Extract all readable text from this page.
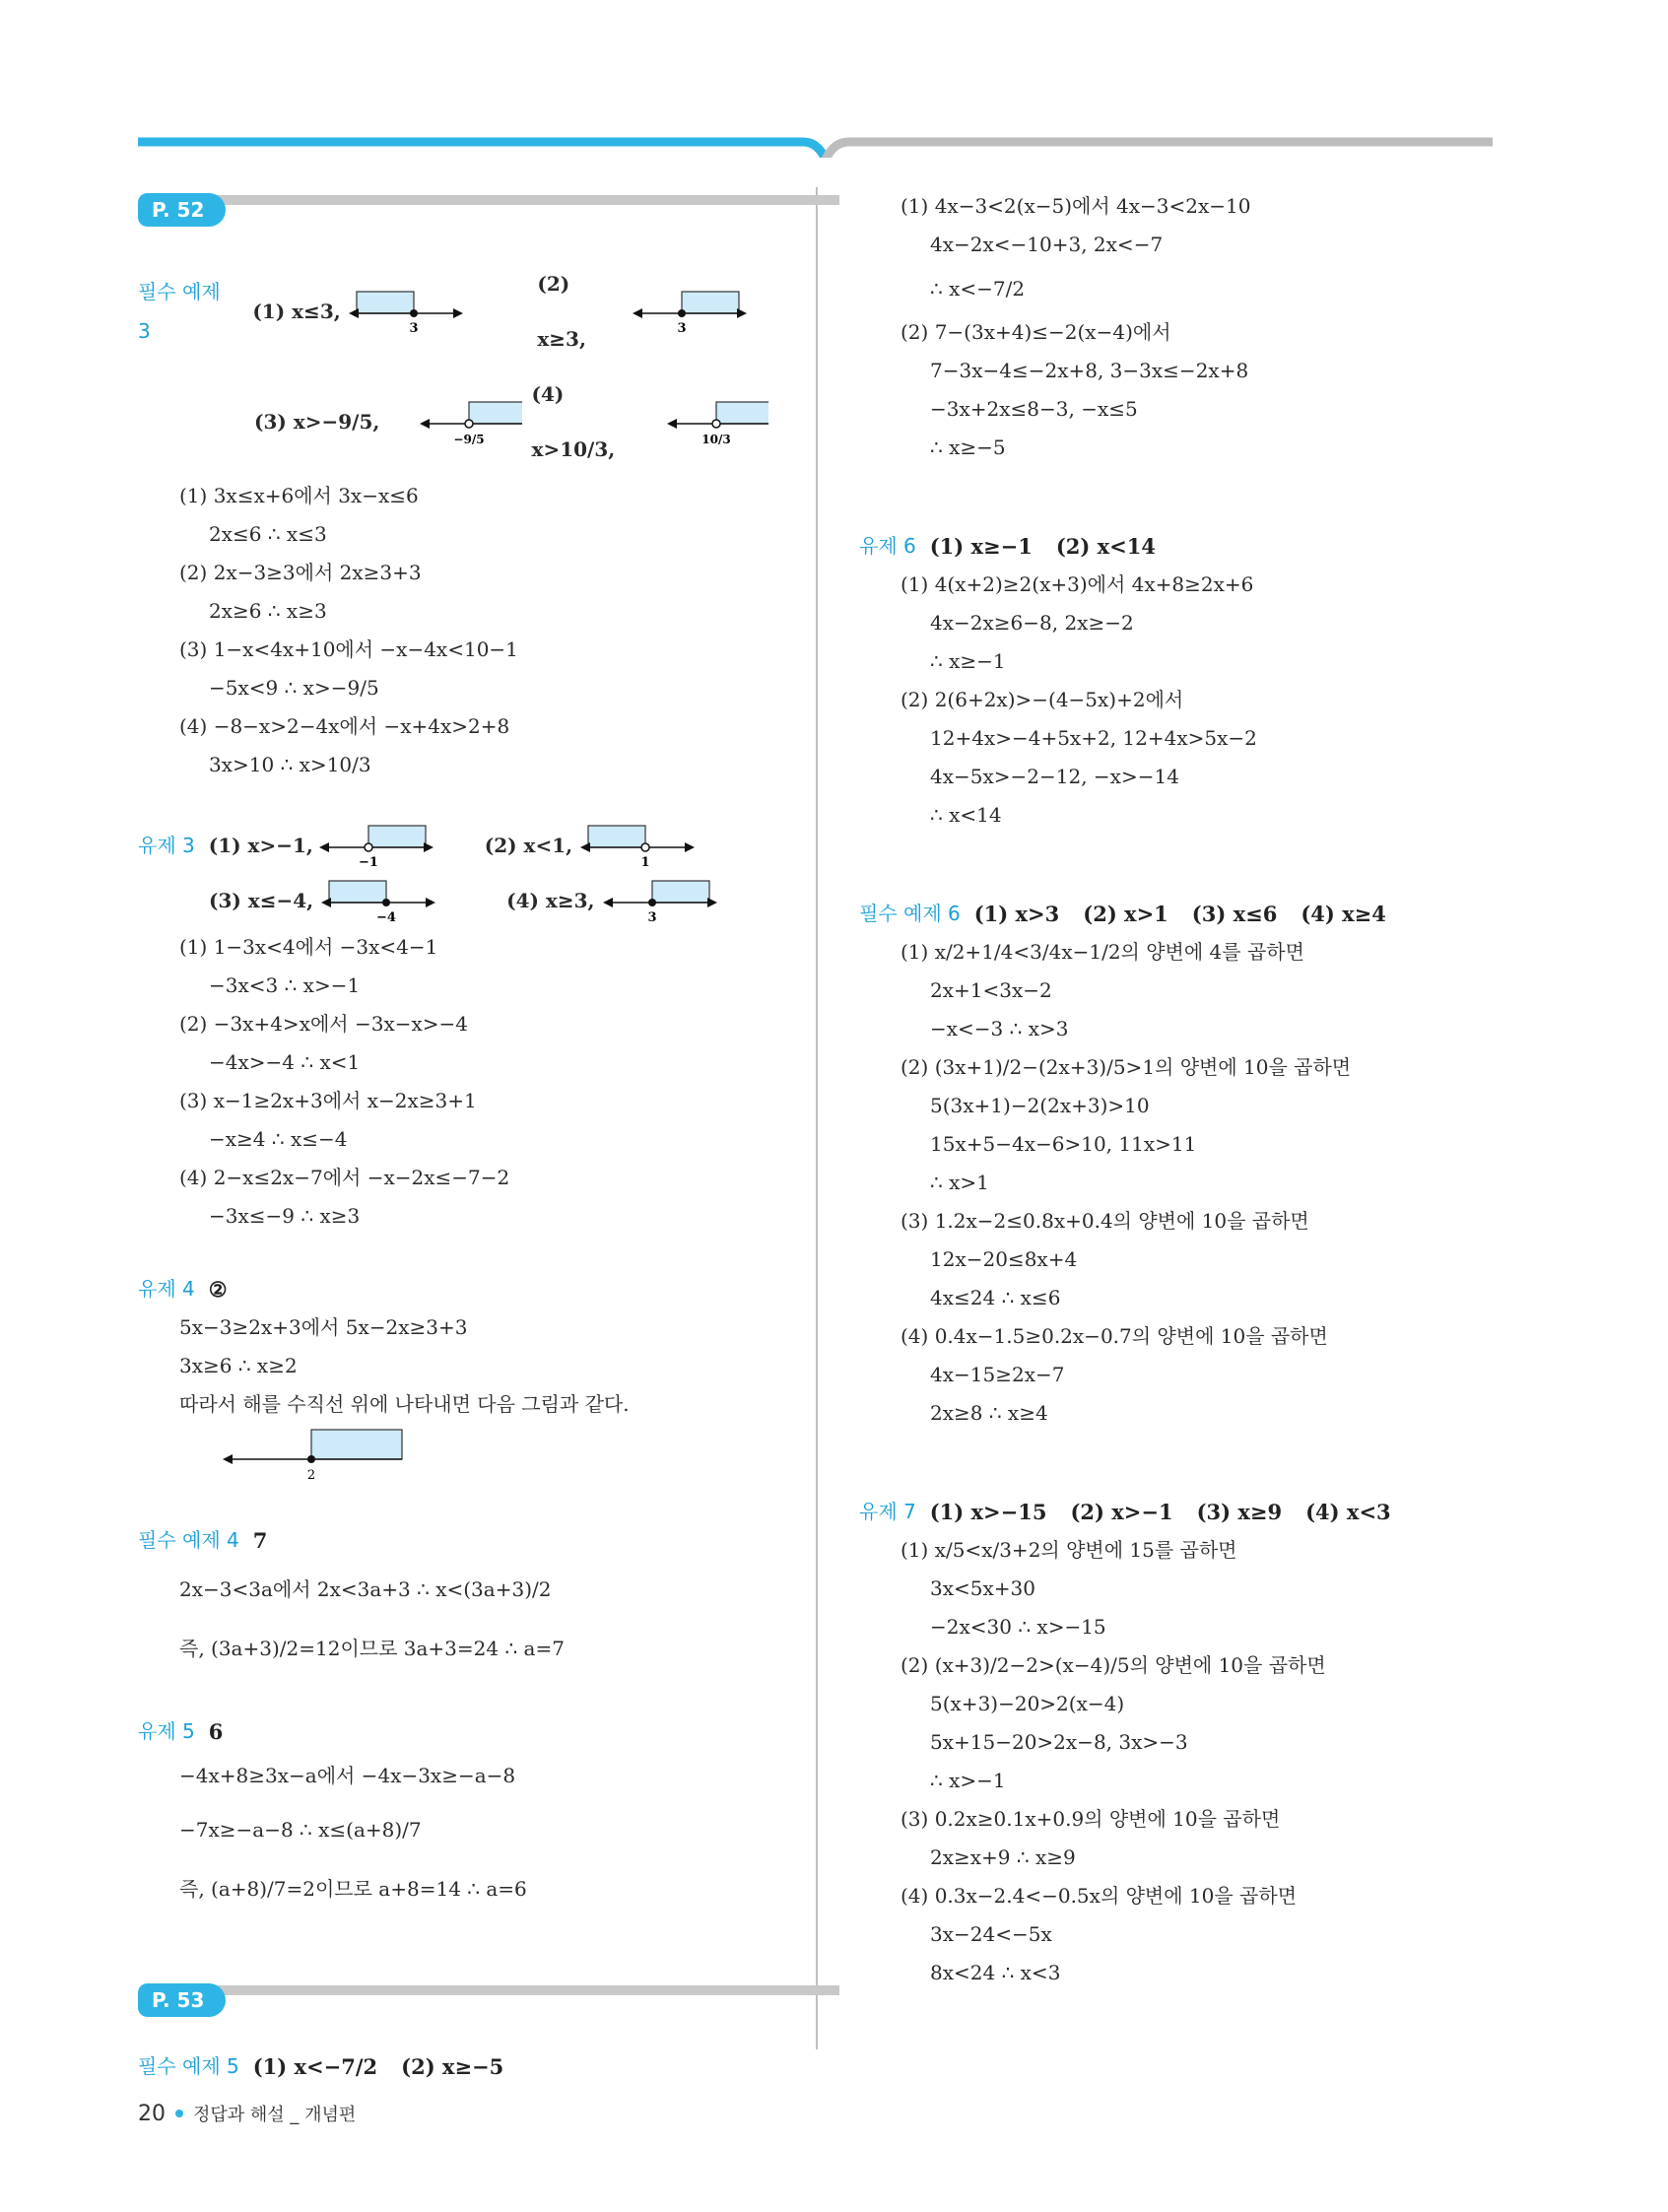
P. 52
필수 예제 3
(1) x≤3,
3
(2) x≥3,	3
(3) x>−9/5,
−9/5
(4) x>10/3,	10/3
(1) 3x≤x+6에서 3x−x≤6
2x≤6 ∴ x≤3
(2) 2x−3≥3에서 2x≥3+3
2x≥6 ∴ x≥3
(3) 1−x<4x+10에서 −x−4x<10−1
−5x<9 ∴ x>−9/5
(4) −8−x>2−4x에서 −x+4x>2+8
3x>10 ∴ x>10/3
유제 3 (1) x>−1,
−1
(2) x<1,
1
(3) x≤−4,
−4
(4) x≥3,
3
(1) 1−3x<4에서 −3x<4−1
−3x<3 ∴ x>−1
(2) −3x+4>x에서 −3x−x>−4
−4x>−4 ∴ x<1
(3) x−1≥2x+3에서 x−2x≥3+1
−x≥4 ∴ x≤−4
(4) 2−x≤2x−7에서 −x−2x≤−7−2
−3x≤−9 ∴ x≥3
유제 4 ②
5x−3≥2x+3에서 5x−2x≥3+3
3x≥6 ∴ x≥2
따라서 해를 수직선 위에 나타내면 다음 그림과 같다.
2
필수 예제 4 7
2x−3<3a에서 2x<3a+3 ∴ x<(3a+3)/2
즉, (3a+3)/2=12이므로 3a+3=24 ∴ a=7
유제 5 6
−4x+8≥3x−a에서 −4x−3x≥−a−8
−7x≥−a−8 ∴ x≤(a+8)/7
즉, (a+8)/7=2이므로 a+8=14 ∴ a=6
P. 53
필수 예제 5 (1) x<−7/2 (2) x≥−5
(1) 4x−3<2(x−5)에서 4x−3<2x−10
4x−2x<−10+3, 2x<−7
∴ x<−7/2
(2) 7−(3x+4)≤−2(x−4)에서
7−3x−4≤−2x+8, 3−3x≤−2x+8
−3x+2x≤8−3, −x≤5
∴ x≥−5
유제 6 (1) x≥−1 (2) x<14
(1) 4(x+2)≥2(x+3)에서 4x+8≥2x+6
4x−2x≥6−8, 2x≥−2
∴ x≥−1
(2) 2(6+2x)>−(4−5x)+2에서
12+4x>−4+5x+2, 12+4x>5x−2
4x−5x>−2−12, −x>−14
∴ x<14
필수 예제 6 (1) x>3 (2) x>1 (3) x≤6 (4) x≥4
(1) x/2+1/4<3/4x−1/2의 양변에 4를 곱하면
2x+1<3x−2
−x<−3 ∴ x>3
(2) (3x+1)/2−(2x+3)/5>1의 양변에 10을 곱하면
5(3x+1)−2(2x+3)>10
15x+5−4x−6>10, 11x>11
∴ x>1
(3) 1.2x−2≤0.8x+0.4의 양변에 10을 곱하면
12x−20≤8x+4
4x≤24 ∴ x≤6
(4) 0.4x−1.5≥0.2x−0.7의 양변에 10을 곱하면
4x−15≥2x−7
2x≥8 ∴ x≥4
유제 7 (1) x>−15 (2) x>−1 (3) x≥9 (4) x<3
(1) x/5<x/3+2의 양변에 15를 곱하면
3x<5x+30
−2x<30 ∴ x>−15
(2) (x+3)/2−2>(x−4)/5의 양변에 10을 곱하면
5(x+3)−20>2(x−4)
5x+15−20>2x−8, 3x>−3
∴ x>−1
(3) 0.2x≥0.1x+0.9의 양변에 10을 곱하면
2x≥x+9 ∴ x≥9
(4) 0.3x−2.4<−0.5x의 양변에 10을 곱하면
3x−24<−5x
8x<24 ∴ x<3
20 정답과 해설 _ 개념편
